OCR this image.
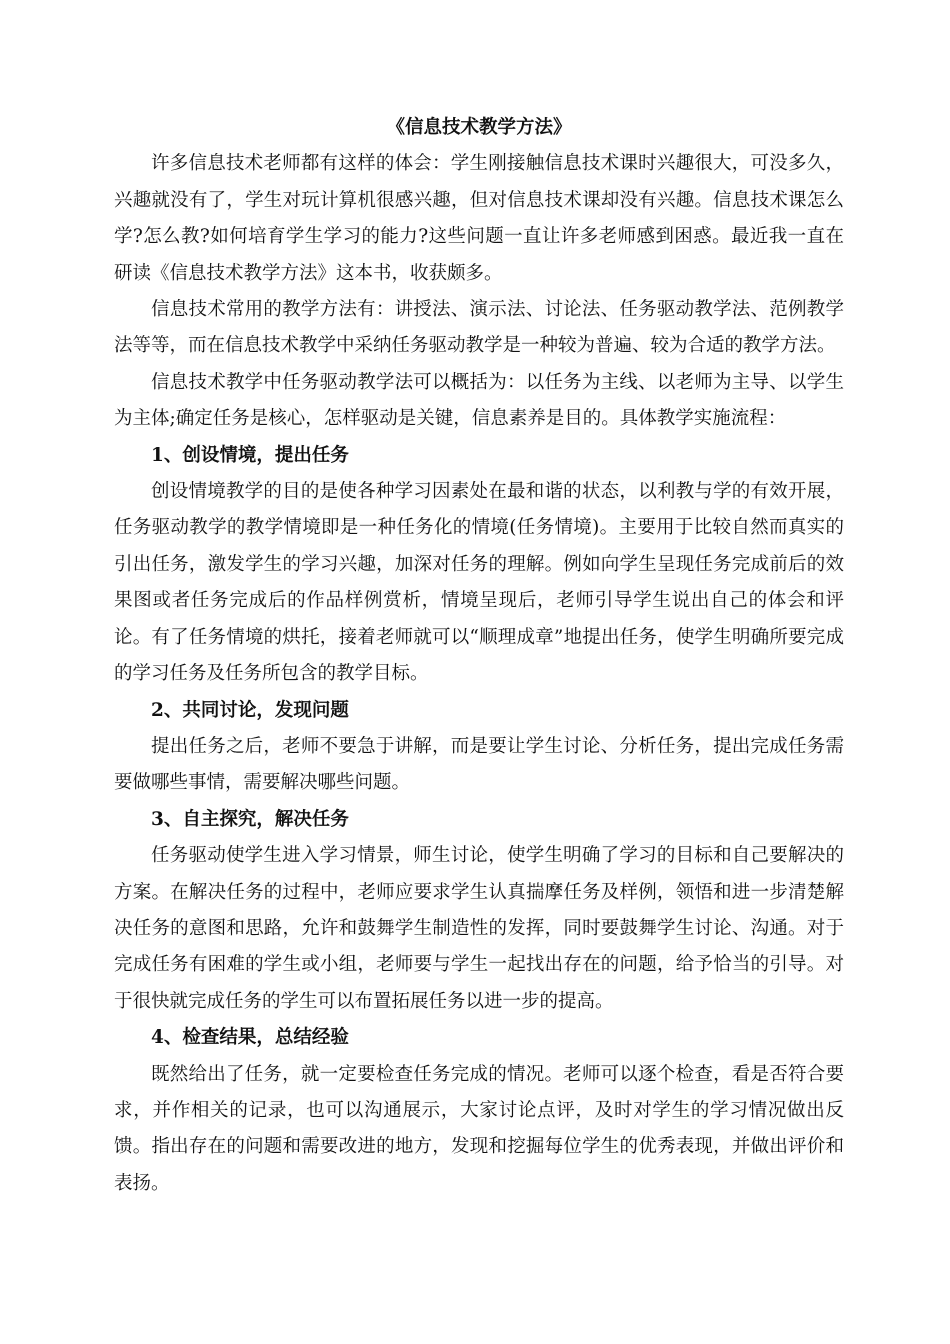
《信息技术教学方法》

许多信息技术老师都有这样的体会：学生刚接触信息技术课时兴趣很大，可没多久，兴趣就没有了，学生对玩计算机很感兴趣，但对信息技术课却没有兴趣。信息技术课怎么学?怎么教?如何培育学生学习的能力?这些问题一直让许多老师感到困惑。最近我一直在研读《信息技术教学方法》这本书，收获颇多。

信息技术常用的教学方法有：讲授法、演示法、讨论法、任务驱动教学法、范例教学法等等，而在信息技术教学中采纳任务驱动教学是一种较为普遍、较为合适的教学方法。

信息技术教学中任务驱动教学法可以概括为：以任务为主线、以老师为主导、以学生为主体;确定任务是核心，怎样驱动是关键，信息素养是目的。具体教学实施流程：

1、创设情境，提出任务

创设情境教学的目的是使各种学习因素处在最和谐的状态，以利教与学的有效开展，任务驱动教学的教学情境即是一种任务化的情境(任务情境)。主要用于比较自然而真实的引出任务，激发学生的学习兴趣，加深对任务的理解。例如向学生呈现任务完成前后的效果图或者任务完成后的作品样例赏析，情境呈现后，老师引导学生说出自己的体会和评论。有了任务情境的烘托，接着老师就可以“顺理成章”地提出任务，使学生明确所要完成的学习任务及任务所包含的教学目标。

2、共同讨论，发现问题

提出任务之后，老师不要急于讲解，而是要让学生讨论、分析任务，提出完成任务需要做哪些事情，需要解决哪些问题。

3、自主探究，解决任务

任务驱动使学生进入学习情景，师生讨论，使学生明确了学习的目标和自己要解决的方案。在解决任务的过程中，老师应要求学生认真揣摩任务及样例，领悟和进一步清楚解决任务的意图和思路，允许和鼓舞学生制造性的发挥，同时要鼓舞学生讨论、沟通。对于完成任务有困难的学生或小组，老师要与学生一起找出存在的问题，给予恰当的引导。对于很快就完成任务的学生可以布置拓展任务以进一步的提高。

4、检查结果，总结经验

既然给出了任务，就一定要检查任务完成的情况。老师可以逐个检查，看是否符合要求，并作相关的记录，也可以沟通展示，大家讨论点评，及时对学生的学习情况做出反馈。指出存在的问题和需要改进的地方，发现和挖掘每位学生的优秀表现，并做出评价和表扬。
